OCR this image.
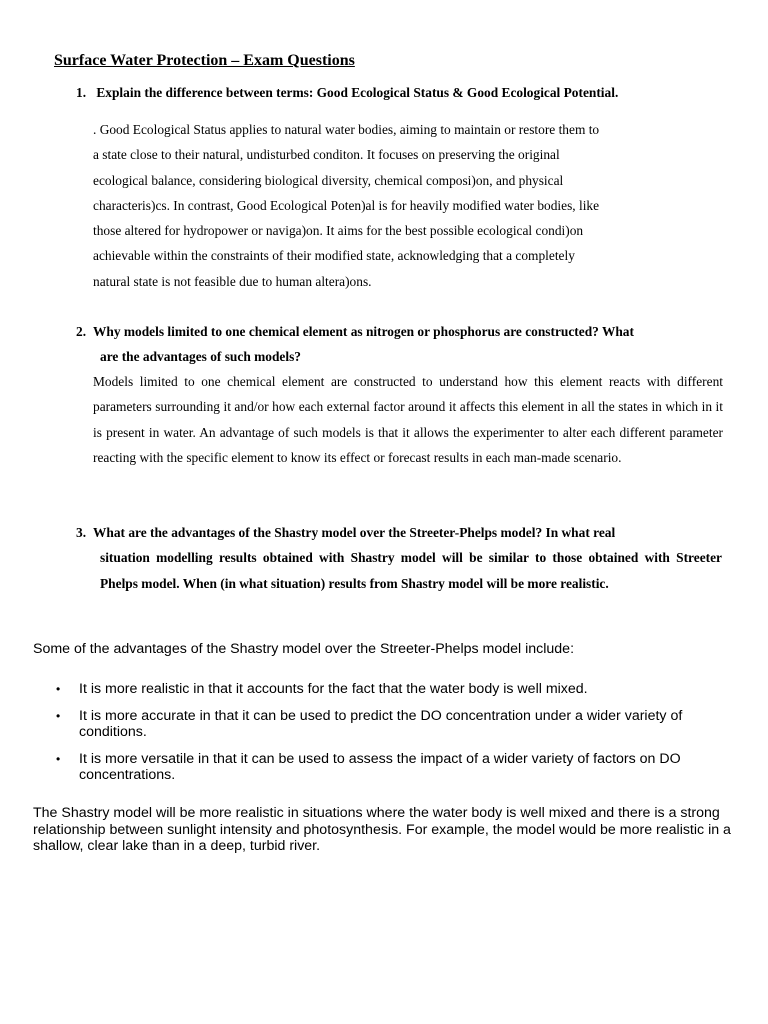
Surface Water Protection – Exam Questions
1. Explain the difference between terms: Good Ecological Status & Good Ecological Potential.
. Good Ecological Status applies to natural water bodies, aiming to maintain or restore them to
a state close to their natural, undisturbed conditon. It focuses on preserving the original
ecological balance, considering biological diversity, chemical composi)on, and physical
characteris)cs. In contrast, Good Ecological Poten)al is for heavily modified water bodies, like
those altered for hydropower or naviga)on. It aims for the best possible ecological condi)on
achievable within the constraints of their modified state, acknowledging that a completely
natural state is not feasible due to human altera)ons.
2. Why models limited to one chemical element as nitrogen or phosphorus are constructed? What
are the advantages of such models?
Models limited to one chemical element are constructed to understand how this element reacts with different parameters surrounding it and/or how each external factor around it affects this element in all the states in which in it is present in water. An advantage of such models is that it allows the experimenter to alter each different parameter reacting with the specific element to know its effect or forecast results in each man-made scenario.
3. What are the advantages of the Shastry model over the Streeter-Phelps model? In what real
situation modelling results obtained with Shastry model will be similar to those obtained with Streeter Phelps model. When (in what situation) results from Shastry model will be more realistic.
Some of the advantages of the Shastry model over the Streeter-Phelps model include:
• It is more realistic in that it accounts for the fact that the water body is well mixed.
• It is more accurate in that it can be used to predict the DO concentration under a wider variety of conditions.
• It is more versatile in that it can be used to assess the impact of a wider variety of factors on DO concentrations.
The Shastry model will be more realistic in situations where the water body is well mixed and there is a strong relationship between sunlight intensity and photosynthesis. For example, the model would be more realistic in a shallow, clear lake than in a deep, turbid river.
